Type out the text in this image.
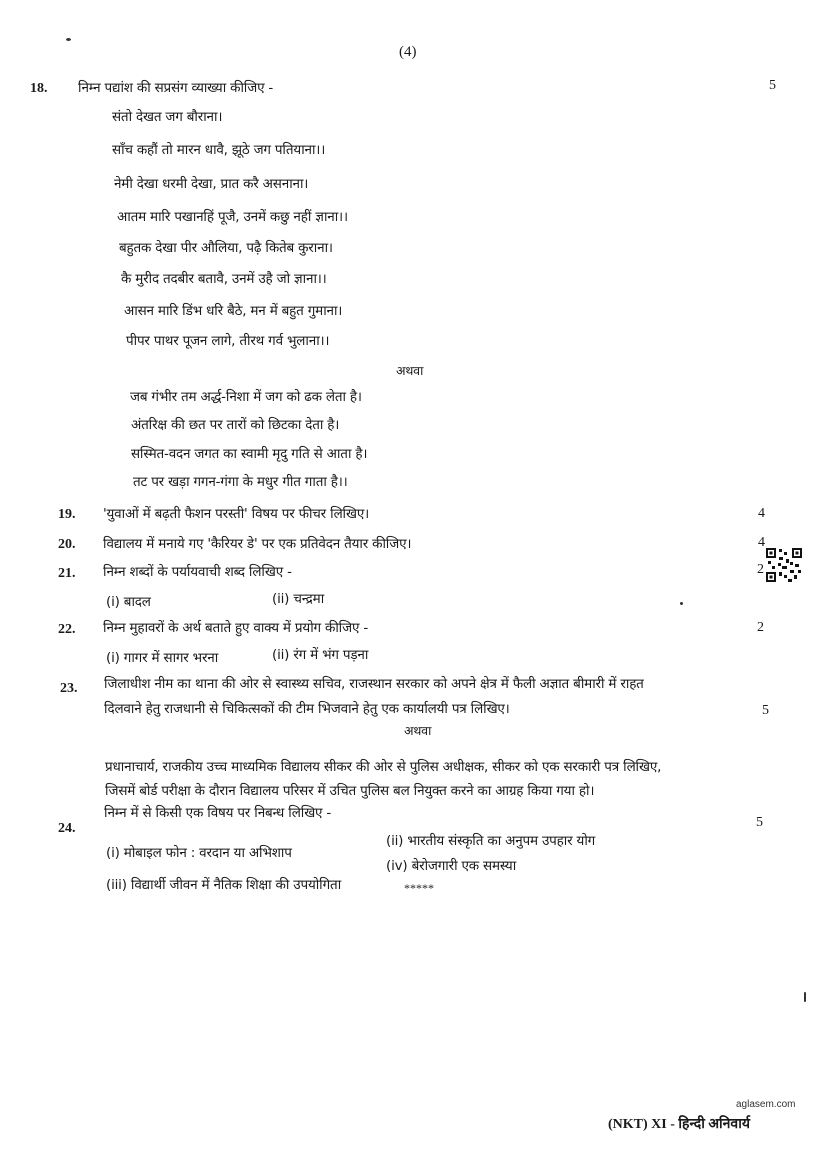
(4)
18. निम्न पद्यांश की सप्रसंग व्याख्या कीजिए -	5
संतो देखत जग बौराना।
साँच कहौं तो मारन धावै, झूठे जग पतियाना।।
नेमी देखा धरमी देखा, प्रात करै असनाना।
आतम मारि पखानहिं पूजै, उनमें कछु नहीं ज्ञाना।।
बहुतक देखा पीर औलिया, पढ़ै कितेब कुराना।
कै मुरीद तदबीर बतावै, उनमें उहै जो ज्ञाना।।
आसन मारि डिंभ धरि बैठे, मन में बहुत गुमाना।
पीपर पाथर पूजन लागे, तीरथ गर्व भुलाना।।
अथवा
जब गंभीर तम अर्द्ध-निशा में जग को ढक लेता है।
अंतरिक्ष की छत पर तारों को छिटका देता है।
सस्मित-वदन जगत का स्वामी मृदु गति से आता है।
तट पर खड़ा गगन-गंगा के मधुर गीत गाता है।।
19. 'युवाओं में बढ़ती फैशन परस्ती' विषय पर फीचर लिखिए।	4
20. विद्यालय में मनाये गए 'कैरियर डे' पर एक प्रतिवेदन तैयार कीजिए।	4
21. निम्न शब्दों के पर्यायवाची शब्द लिखिए -	2
(i) बादल	(ii) चन्द्रमा
22. निम्न मुहावरों के अर्थ बताते हुए वाक्य में प्रयोग कीजिए -	2
(i) गागर में सागर भरना	(ii) रंग में भंग पड़ना
23. जिलाधीश नीम का थाना की ओर से स्वास्थ्य सचिव, राजस्थान सरकार को अपने क्षेत्र में फैली अज्ञात बीमारी में राहत
दिलवाने हेतु राजधानी से चिकित्सकों की टीम भिजवाने हेतु एक कार्यालयी पत्र लिखिए।	5
अथवा
प्रधानाचार्य, राजकीय उच्च माध्यमिक विद्यालय सीकर की ओर से पुलिस अधीक्षक, सीकर को एक सरकारी पत्र लिखिए,
जिसमें बोर्ड परीक्षा के दौरान विद्यालय परिसर में उचित पुलिस बल नियुक्त करने का आग्रह किया गया हो।
24.
निम्न में से किसी एक विषय पर निबन्ध लिखिए -
5
(i) मोबाइल फोन : वरदान या अभिशाप
(ii) भारतीय संस्कृति का अनुपम उपहार योग
(iii) विद्यार्थी जीवन में नैतिक शिक्षा की उपयोगिता
(iv) बेरोजगारी एक समस्या
*****
aglasem.com
(NKT) XI - हिन्दी अनिवार्य
